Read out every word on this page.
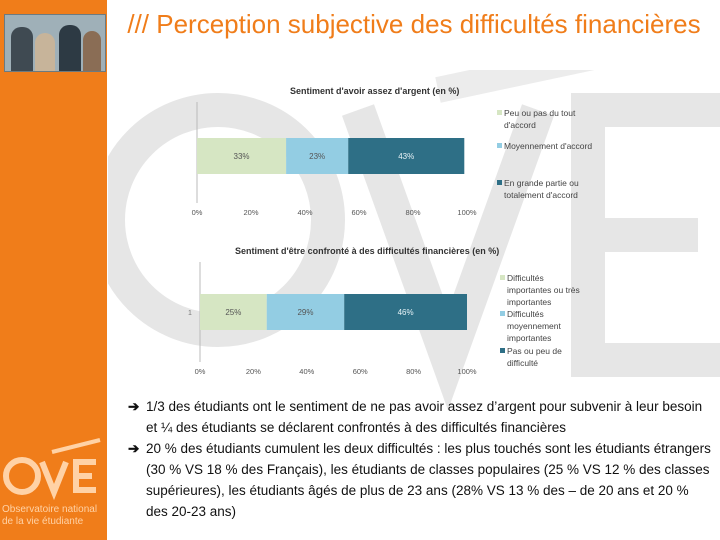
Observatoire national
de la vie étudiante
/// Perception subjective des difficultés financières
Sentiment d'avoir assez d'argent (en %)
33%
Peu ou pas du tout d'accord
23%
Moyennement d'accord
43%
En grande partie ou totalement d'accord
0%	20%	40%	60%	80%	100%
Sentiment d'être confronté à des difficultés financières (en %)
1	25%
Difficultés importantes ou très importantes
29%	Difficultés moyennement importantes
46%
Pas ou peu de difficulté
0%	20%	40%	60%	80%	100%
➔ 1/3 des étudiants ont le sentiment de ne pas avoir assez d’argent pour subvenir à leur besoin et ¼ des étudiants se déclarent confrontés à des difficultés financières
➔ 20 % des étudiants cumulent les deux difficultés : les plus touchés sont les étudiants étrangers (30 % VS 18 % des Français), les étudiants de classes populaires (25 % VS 12 % des classes supérieures), les étudiants âgés de plus de 23 ans (28% VS 13 % des – de 20 ans et 20 % des 20-23 ans)
